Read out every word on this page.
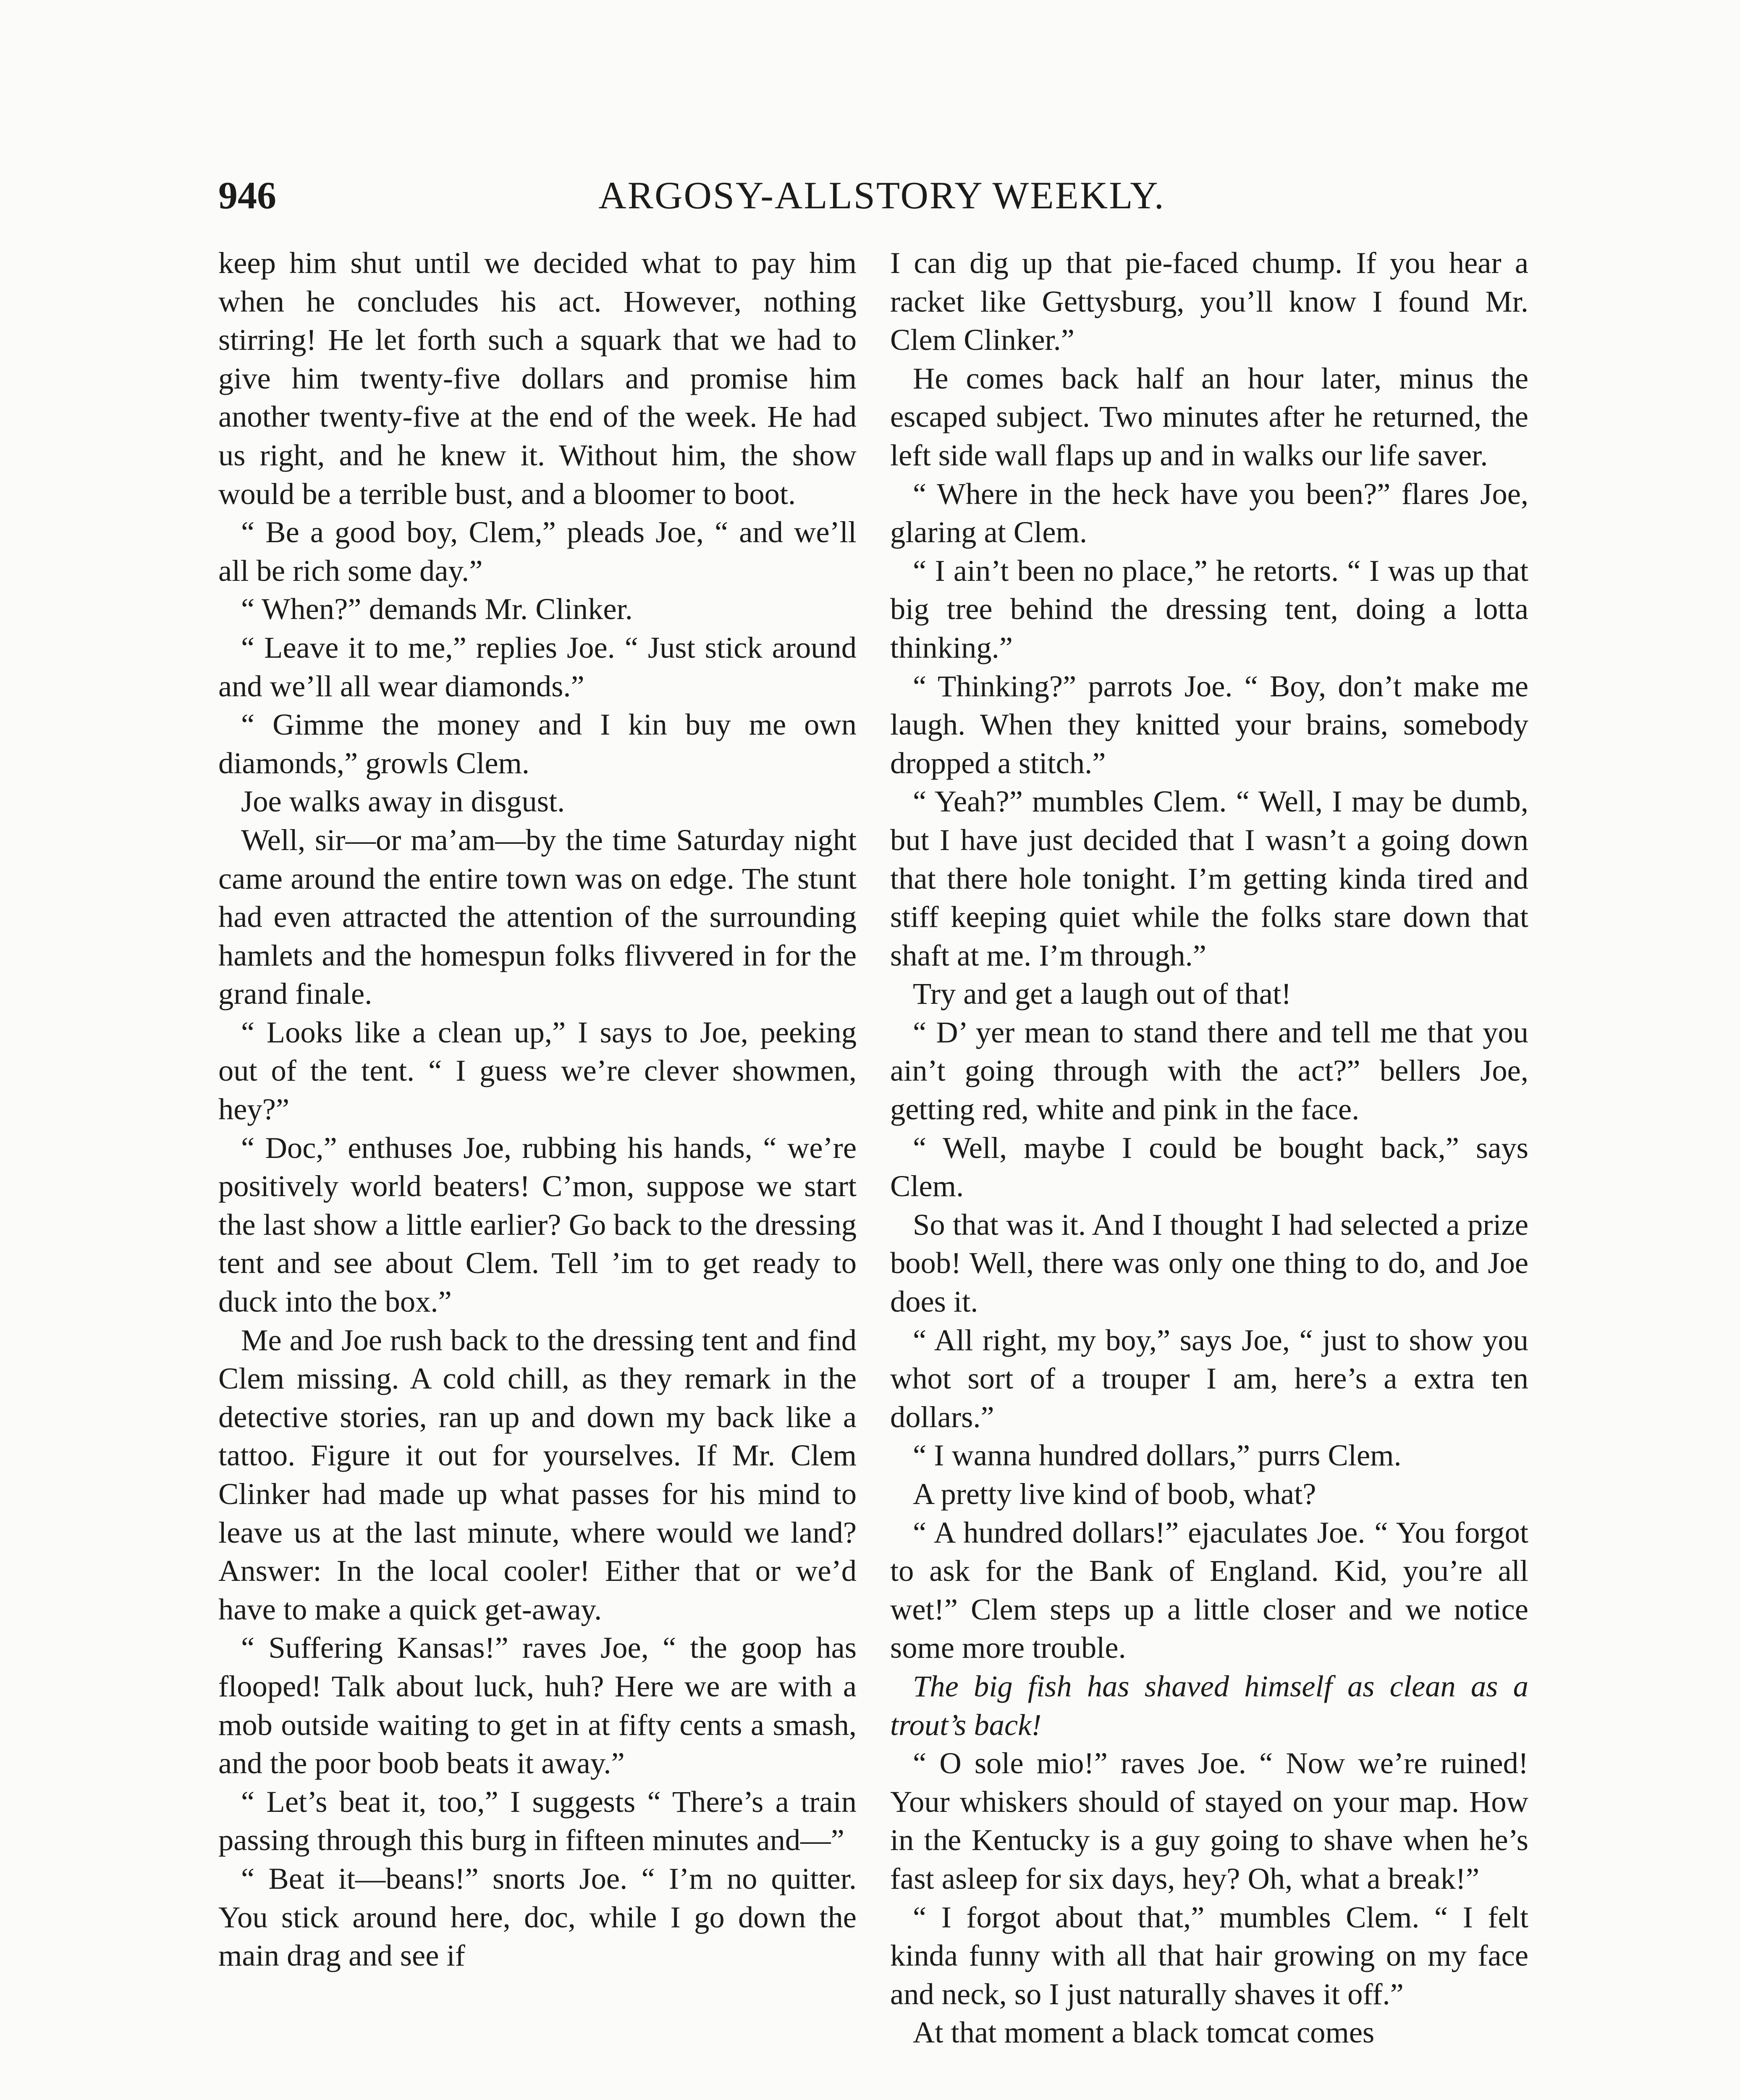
946	ARGOSY-ALLSTORY WEEKLY.

keep him shut until we decided what to pay him when he concludes his act. However, nothing stirring! He let forth such a squark that we had to give him twenty-five dollars and promise him another twenty-five at the end of the week. He had us right, and he knew it. Without him, the show would be a terrible bust, and a bloomer to boot.

“ Be a good boy, Clem,” pleads Joe, “ and we’ll all be rich some day.”

“ When?” demands Mr. Clinker.

“ Leave it to me,” replies Joe. “ Just stick around and we’ll all wear diamonds.”

“ Gimme the money and I kin buy me own diamonds,” growls Clem.

Joe walks away in disgust.

Well, sir—or ma’am—by the time Saturday night came around the entire town was on edge. The stunt had even attracted the attention of the surrounding hamlets and the homespun folks flivvered in for the grand finale.

“ Looks like a clean up,” I says to Joe, peeking out of the tent. “ I guess we’re clever showmen, hey?”

“ Doc,” enthuses Joe, rubbing his hands, “ we’re positively world beaters! C’mon, suppose we start the last show a little earlier? Go back to the dressing tent and see about Clem. Tell ’im to get ready to duck into the box.”

Me and Joe rush back to the dressing tent and find Clem missing. A cold chill, as they remark in the detective stories, ran up and down my back like a tattoo. Figure it out for yourselves. If Mr. Clem Clinker had made up what passes for his mind to leave us at the last minute, where would we land? Answer: In the local cooler! Either that or we’d have to make a quick get-away.

“ Suffering Kansas!” raves Joe, “ the goop has flooped! Talk about luck, huh? Here we are with a mob outside waiting to get in at fifty cents a smash, and the poor boob beats it away.”

“ Let’s beat it, too,” I suggests “ There’s a train passing through this burg in fifteen minutes and—”

“ Beat it—beans!” snorts Joe. “ I’m no quitter. You stick around here, doc, while I go down the main drag and see if

I can dig up that pie-faced chump. If you hear a racket like Gettysburg, you’ll know I found Mr. Clem Clinker.”

He comes back half an hour later, minus the escaped subject. Two minutes after he returned, the left side wall flaps up and in walks our life saver.

“ Where in the heck have you been?” flares Joe, glaring at Clem.

“ I ain’t been no place,” he retorts. “ I was up that big tree behind the dressing tent, doing a lotta thinking.”

“ Thinking?” parrots Joe. “ Boy, don’t make me laugh. When they knitted your brains, somebody dropped a stitch.”

“ Yeah?” mumbles Clem. “ Well, I may be dumb, but I have just decided that I wasn’t a going down that there hole tonight. I’m getting kinda tired and stiff keeping quiet while the folks stare down that shaft at me. I’m through.”

Try and get a laugh out of that!

“ D’ yer mean to stand there and tell me that you ain’t going through with the act?” bellers Joe, getting red, white and pink in the face.

“ Well, maybe I could be bought back,” says Clem.

So that was it. And I thought I had selected a prize boob! Well, there was only one thing to do, and Joe does it.

“ All right, my boy,” says Joe, “ just to show you whot sort of a trouper I am, here’s a extra ten dollars.”

“ I wanna hundred dollars,” purrs Clem.

A pretty live kind of boob, what?

“ A hundred dollars!” ejaculates Joe. “ You forgot to ask for the Bank of England. Kid, you’re all wet!” Clem steps up a little closer and we notice some more trouble.

The big fish has shaved himself as clean as a trout’s back!

“ O sole mio!” raves Joe. “ Now we’re ruined! Your whiskers should of stayed on your map. How in the Kentucky is a guy going to shave when he’s fast asleep for six days, hey? Oh, what a break!”

“ I forgot about that,” mumbles Clem. “ I felt kinda funny with all that hair growing on my face and neck, so I just naturally shaves it off.”

At that moment a black tomcat comes
